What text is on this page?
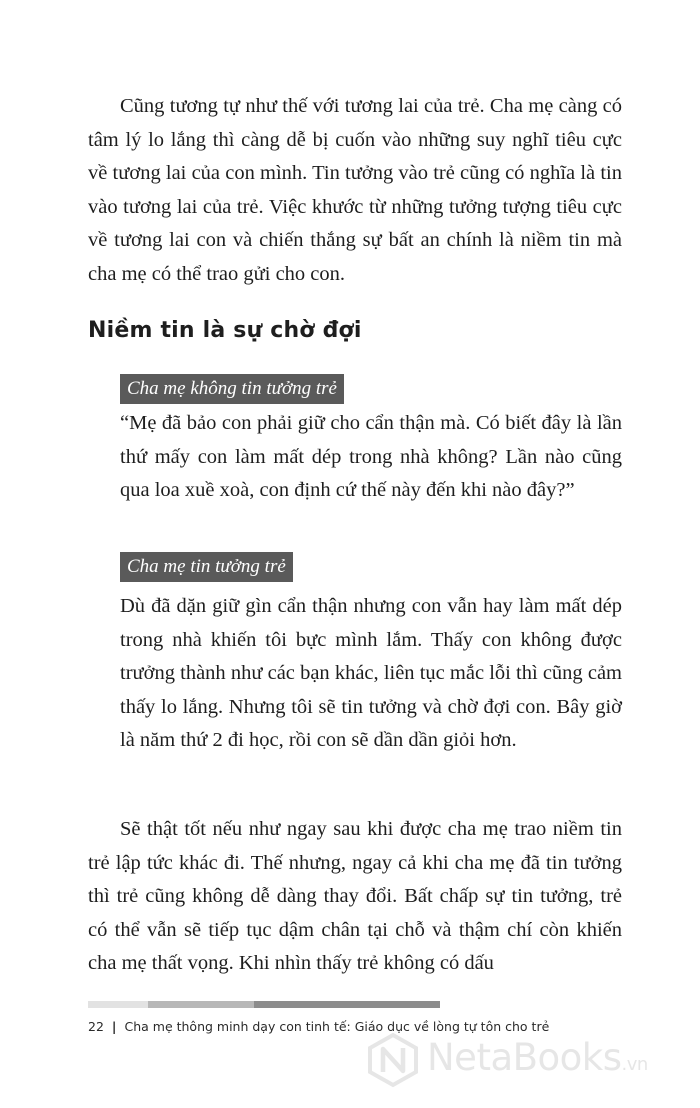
Cũng tương tự như thế với tương lai của trẻ. Cha mẹ càng có tâm lý lo lắng thì càng dễ bị cuốn vào những suy nghĩ tiêu cực về tương lai của con mình. Tin tưởng vào trẻ cũng có nghĩa là tin vào tương lai của trẻ. Việc khước từ những tưởng tượng tiêu cực về tương lai con và chiến thắng sự bất an chính là niềm tin mà cha mẹ có thể trao gửi cho con.

Niềm tin là sự chờ đợi
Cha mẹ không tin tưởng trẻ

“Mẹ đã bảo con phải giữ cho cẩn thận mà. Có biết đây là lần thứ mấy con làm mất dép trong nhà không? Lần nào cũng qua loa xuề xoà, con định cứ thế này đến khi nào đây?”

Cha mẹ tin tưởng trẻ

Dù đã dặn giữ gìn cẩn thận nhưng con vẫn hay làm mất dép trong nhà khiến tôi bực mình lắm. Thấy con không được trưởng thành như các bạn khác, liên tục mắc lỗi thì cũng cảm thấy lo lắng. Nhưng tôi sẽ tin tưởng và chờ đợi con. Bây giờ là năm thứ 2 đi học, rồi con sẽ dần dần giỏi hơn.

Sẽ thật tốt nếu như ngay sau khi được cha mẹ trao niềm tin trẻ lập tức khác đi. Thế nhưng, ngay cả khi cha mẹ đã tin tưởng thì trẻ cũng không dễ dàng thay đổi. Bất chấp sự tin tưởng, trẻ có thể vẫn sẽ tiếp tục dậm chân tại chỗ và thậm chí còn khiến cha mẹ thất vọng. Khi nhìn thấy trẻ không có dấu

22 | Cha mẹ thông minh dạy con tinh tế: Giáo dục về lòng tự tôn cho trẻ
NetaBooks.vn
